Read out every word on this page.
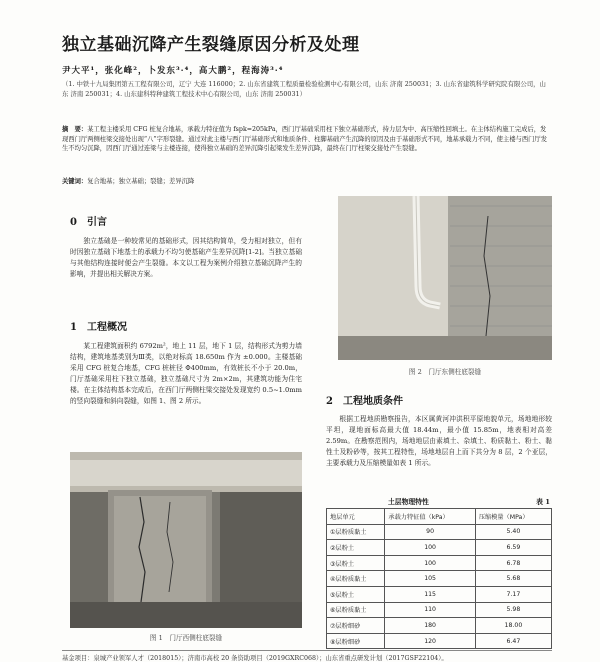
独立基础沉降产生裂缝原因分析及处理
尹大平¹，张化峰²，卜发东³·⁴，高大鹏²，程海涛³·⁴
（1. 中铁十九局集团第五工程有限公司，辽宁 大连 116000；2. 山东省建筑工程质量检验检测中心有限公司，山东 济南 250031；3. 山东省建筑科学研究院有限公司，山东 济南 250031；4. 山东建科特种建筑工程技术中心有限公司，山东 济南 250031）
摘　要：某工程主楼采用 CFG 桩复合地基，承载力特征值为 fspk=205kPa，西门厅基础采用柱下独立基础形式，持力层为中、高压缩性回填土。在主体结构施工完成后，发现西门厅两侧柱梁交接处出现“八”字形裂缝。通过对此主楼与西门厅基础形式和地质条件、柱脚基础产生沉降的原因及由于基础形式不同，地基承载力不同，使主楼与西门厅发生不均匀沉降，因西门厅通过连梁与主楼连接，使得独立基础的差异沉降引起梁发生差异沉降，最终在门厅柱梁交接处产生裂缝。
关键词：复合地基；独立基础；裂缝；差异沉降
0　引言

独立基础是一种较常见的基础形式，因其结构简单，受力相对独立，但有时因独立基础下地基土的承载力不均匀使基础产生差异沉降[1-2]。当独立基础与其他结构连接时便会产生裂缝。本文以工程为案例介绍独立基础沉降产生的影响，并提出相关解决方案。

1　工程概况

某工程建筑面积约 6792m²，地上 11 层，地下 1 层，结构形式为剪力墙结构，建筑地基类别为Ⅲ类，以绝对标高 18.650m 作为 ±0.000。主楼基础采用 CFG 桩复合地基，CFG 桩桩径 Φ400mm，有效桩长不小于 20.0m，门厅基础采用柱下独立基础，独立基础尺寸为 2m×2m，其建筑功能为住宅楼。在主体结构基本完成后，在西门厅两侧柱梁交接处发现宽约 0.5~1.0mm 的竖向裂缝和斜向裂缝，如图 1、图 2 所示。

图 1　门厅西侧柱底裂缝
图 2　门厅东侧柱底裂缝
2　工程地质条件

根据工程地质勘察报告，本区属黄河冲洪积平原地貌单元，场地地形较平坦，现地面标高最大值 18.44m，最小值 15.85m，地表相对高差 2.59m。在勘察范围内，场地地层由素填土、杂填土、粉质黏土、粉土、黏性土及粉砂等，按其工程特性，场地地层自上而下共分为 8 层，2 个亚层，主要承载力及压缩模量如表 1 所示。

土层物理特性	表 1
地层单元	承载力特征值（kPa）	压缩模量（MPa）
①层粉质黏土	90	5.40
②层粉土	100	6.59
③层粉土	100	6.78
④层粉质黏土	105	5.68
⑤层粉土	115	7.17
⑥层粉质黏土	110	5.98
⑦层粉细砂	180	18.00
⑧层粉细砂	120	6.47
基金项目：泉城产业领军人才（2018015）；济南市高校 20 条资助项目（2019GXRC068）；山东省重点研发计划（2017GSF22104）。
